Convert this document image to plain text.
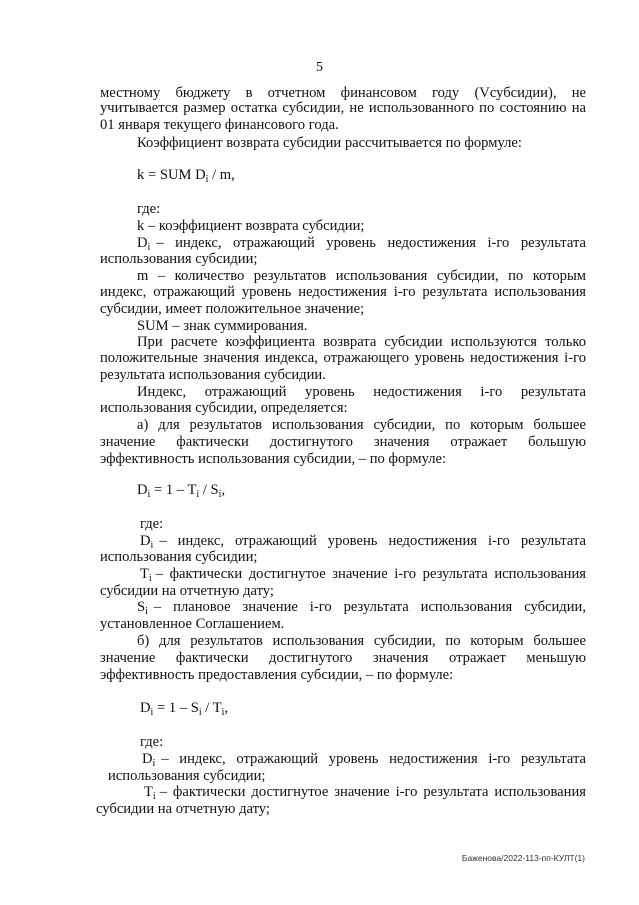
5
местному бюджету в отчетном финансовом году (Vсубсидии), не
учитывается размер остатка субсидии, не использованного по состоянию на
01 января текущего финансового года.
Коэффициент возврата субсидии рассчитывается по формуле:
k = SUM $D_i$ / m,
где:
k – коэффициент возврата субсидии;
$D_i$ – индекс, отражающий уровень недостижения i-го результата
использования субсидии;
m – количество результатов использования субсидии, по которым
индекс, отражающий уровень недостижения i-го результата использования
субсидии, имеет положительное значение;
SUM – знак суммирования.
При расчете коэффициента возврата субсидии используются только
положительные значения индекса, отражающего уровень недостижения i-го
результата использования субсидии.
Индекс, отражающий уровень недостижения i-го результата
использования субсидии, определяется:
а) для результатов использования субсидии, по которым большее
значение фактически достигнутого значения отражает большую
эффективность использования субсидии, – по формуле:
$D_i = 1 - T_i / S_i$,
где:
$D_i$ – индекс, отражающий уровень недостижения i-го результата
использования субсидии;
$T_i$ – фактически достигнутое значение i-го результата использования
субсидии на отчетную дату;
$S_i$ – плановое значение i-го результата использования субсидии,
установленное Соглашением.
б) для результатов использования субсидии, по которым большее
значение фактически достигнутого значения отражает меньшую
эффективность предоставления субсидии, – по формуле:
$D_i = 1 - S_i / T_i$,
где:
$D_i$ – индекс, отражающий уровень недостижения i-го результата
использования субсидии;
$T_i$ – фактически достигнутое значение i-го результата использования
субсидии на отчетную дату;
Баженова/2022-113-пп-КУЛТ(1)
